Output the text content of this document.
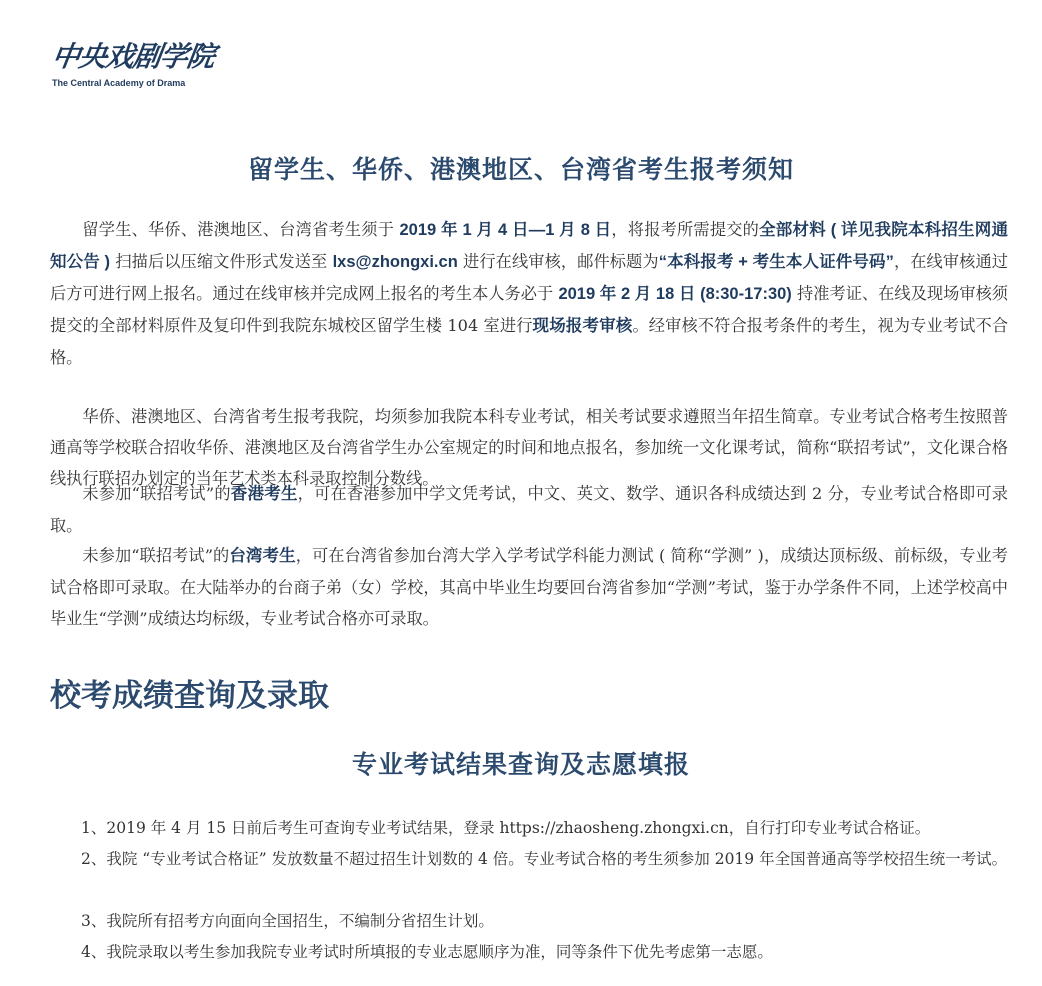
中央戏剧学院
The Central Academy of Drama
留学生、华侨、港澳地区、台湾省考生报考须知

留学生、华侨、港澳地区、台湾省考生须于 2019 年 1 月 4 日—1 月 8 日，将报考所需提交的全部材料 ( 详见我院本科招生网通知公告 ) 扫描后以压缩文件形式发送至 lxs@zhongxi.cn 进行在线审核，邮件标题为“本科报考 + 考生本人证件号码”，在线审核通过后方可进行网上报名。通过在线审核并完成网上报名的考生本人务必于 2019 年 2 月 18 日 (8:30-17:30) 持准考证、在线及现场审核须提交的全部材料原件及复印件到我院东城校区留学生楼 104 室进行现场报考审核。经审核不符合报考条件的考生，视为专业考试不合格。

华侨、港澳地区、台湾省考生报考我院，均须参加我院本科专业考试，相关考试要求遵照当年招生简章。专业考试合格考生按照普通高等学校联合招收华侨、港澳地区及台湾省学生办公室规定的时间和地点报名，参加统一文化课考试，简称“联招考试”，文化课合格线执行联招办划定的当年艺术类本科录取控制分数线。

未参加“联招考试”的香港考生，可在香港参加中学文凭考试，中文、英文、数学、通识各科成绩达到 2 分，专业考试合格即可录取。

未参加“联招考试”的台湾考生，可在台湾省参加台湾大学入学考试学科能力测试 ( 简称“学测” )，成绩达顶标级、前标级，专业考试合格即可录取。在大陆举办的台商子弟（女）学校，其高中毕业生均要回台湾省参加“学测”考试，鉴于办学条件不同，上述学校高中毕业生“学测”成绩达均标级，专业考试合格亦可录取。

校考成绩查询及录取
专业考试结果查询及志愿填报

1、2019 年 4 月 15 日前后考生可查询专业考试结果，登录 https://zhaosheng.zhongxi.cn，自行打印专业考试合格证。

2、我院 “专业考试合格证” 发放数量不超过招生计划数的 4 倍。专业考试合格的考生须参加 2019 年全国普通高等学校招生统一考试。

3、我院所有招考方向面向全国招生，不编制分省招生计划。

4、我院录取以考生参加我院专业考试时所填报的专业志愿顺序为准，同等条件下优先考虑第一志愿。
